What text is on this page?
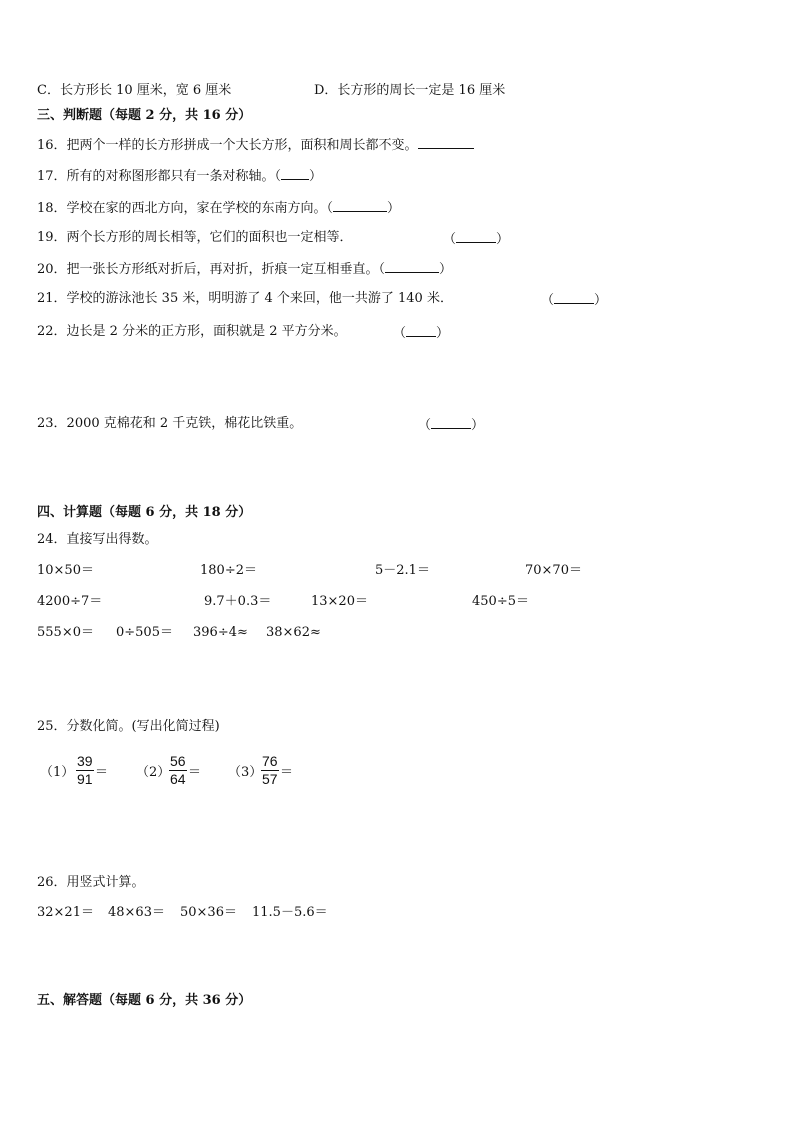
C．长方形长 10 厘米，宽 6 厘米	D．长方形的周长一定是 16 厘米
三、判断题（每题 2 分，共 16 分）
16．把两个一样的长方形拼成一个大长方形，面积和周长都不变。
17．所有的对称图形都只有一条对称轴。（ ）
18．学校在家的西北方向，家在学校的东南方向。（	）
19．两个长方形的周长相等，它们的面积也一定相等．	（	）
20．把一张长方形纸对折后，再对折，折痕一定互相垂直。（	）
21．学校的游泳池长 35 米，明明游了 4 个来回，他一共游了 140 米．	（	）
22．边长是 2 分米的正方形，面积就是 2 平方分米。	（ ）
23．2000 克棉花和 2 千克铁，棉花比铁重。	（	）
四、计算题（每题 6 分，共 18 分）
24．直接写出得数。
10×50＝	180÷2＝	5－2.1＝	70×70＝
4200÷7＝	9.7＋0.3＝	13×20＝	450÷5＝
555×0＝ 0÷505＝ 396÷4≈ 38×62≈
25．分数化简。(写出化简过程)
（1）
39
91 ＝ （2）
56
64 ＝ （3）
76
57 ＝
26．用竖式计算。
32×21＝ 48×63＝ 50×36＝ 11.5－5.6＝
五、解答题（每题 6 分，共 36 分）
